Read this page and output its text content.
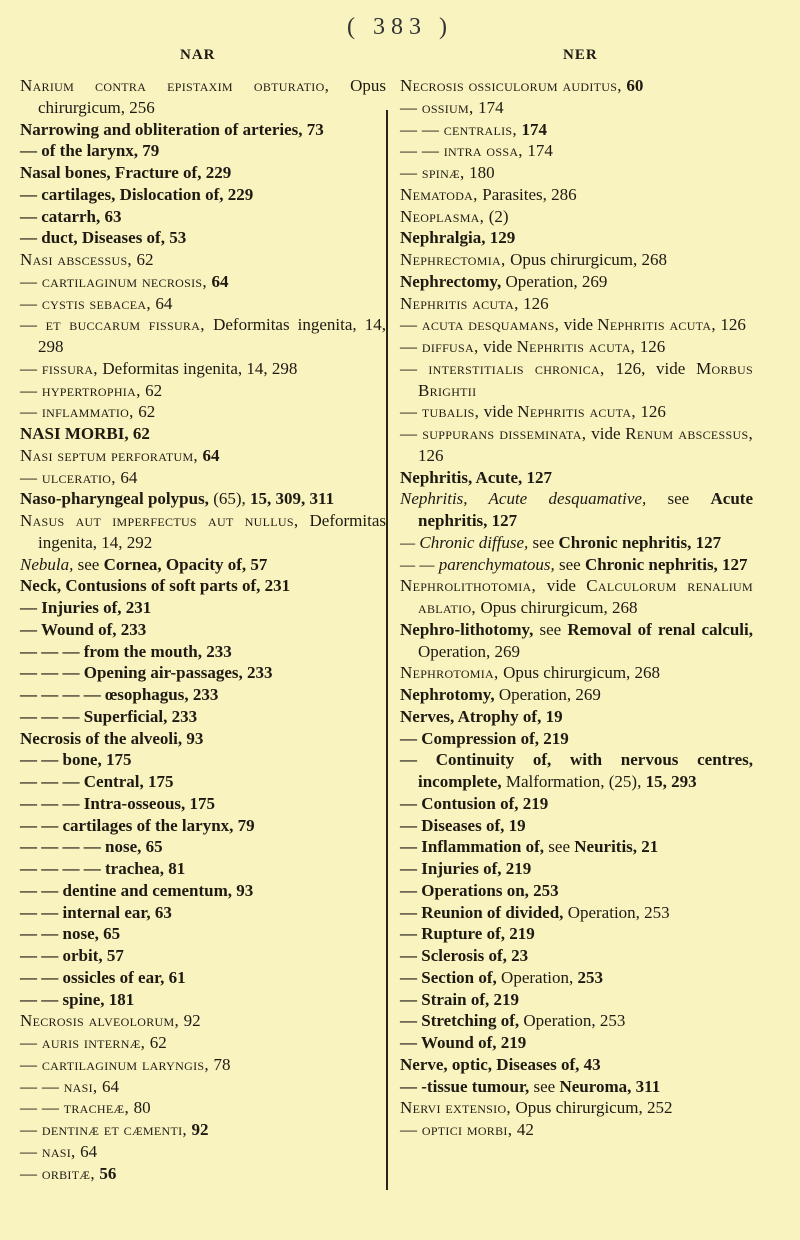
( 383 )
NAR	NER
Narium contra epistaxim obturatio, Opus chirurgicum, 256
Narrowing and obliteration of arteries, 73
— of the larynx, 79
Nasal bones, Fracture of, 229
— cartilages, Dislocation of, 229
— catarrh, 63
— duct, Diseases of, 53
Nasi abscessus, 62
— cartilaginum necrosis, 64
— cystis sebacea, 64
— et buccarum fissura, Deformitas ingenita, 14, 298
— fissura, Deformitas ingenita, 14, 298
— hypertrophia, 62
— inflammatio, 62
NASI MORBI, 62
Nasi septum perforatum, 64
— ulceratio, 64
Naso-pharyngeal polypus, (65), 15, 309, 311
Nasus aut imperfectus aut nullus, Deformitas ingenita, 14, 292
Nebula, see Cornea, Opacity of, 57
Neck, Contusions of soft parts of, 231
— Injuries of, 231
— Wound of, 233
— — — from the mouth, 233
— — — Opening air-passages, 233
— — — — œsophagus, 233
— — — Superficial, 233
Necrosis of the alveoli, 93
— — bone, 175
— — — Central, 175
— — — Intra-osseous, 175
— — cartilages of the larynx, 79
— — — — nose, 65
— — — — trachea, 81
— — dentine and cementum, 93
— — internal ear, 63
— — nose, 65
— — orbit, 57
— — ossicles of ear, 61
— — spine, 181
Necrosis alveolorum, 92
— auris internæ, 62
— cartilaginum laryngis, 78
— — nasi, 64
— — tracheæ, 80
— dentinæ et cæmenti, 92
— nasi, 64
— orbitæ, 56
Necrosis ossiculorum auditus, 60
— ossium, 174
— — centralis, 174
— — intra ossa, 174
— spinæ, 180
Nematoda, Parasites, 286
Neoplasma, (2)
Nephralgia, 129
Nephrectomia, Opus chirurgicum, 268
Nephrectomy, Operation, 269
Nephritis acuta, 126
— acuta desquamans, vide Nephritis acuta, 126
— diffusa, vide Nephritis acuta, 126
— interstitialis chronica, 126, vide Morbus Brightii
— tubalis, vide Nephritis acuta, 126
— suppurans disseminata, vide Renum abscessus, 126
Nephritis, Acute, 127
Nephritis, Acute desquamative, see Acute nephritis, 127
— Chronic diffuse, see Chronic nephritis, 127
— — parenchymatous, see Chronic nephritis, 127
Nephrolithotomia, vide Calculorum renalium ablatio, Opus chirurgicum, 268
Nephro-lithotomy, see Removal of renal calculi, Operation, 269
Nephrotomia, Opus chirurgicum, 268
Nephrotomy, Operation, 269
Nerves, Atrophy of, 19
— Compression of, 219
— Continuity of, with nervous centres, incomplete, Malformation, (25), 15, 293
— Contusion of, 219
— Diseases of, 19
— Inflammation of, see Neuritis, 21
— Injuries of, 219
— Operations on, 253
— Reunion of divided, Operation, 253
— Rupture of, 219
— Sclerosis of, 23
— Section of, Operation, 253
— Strain of, 219
— Stretching of, Operation, 253
— Wound of, 219
Nerve, optic, Diseases of, 43
— -tissue tumour, see Neuroma, 311
Nervi extensio, Opus chirurgicum, 252
— optici morbi, 42
